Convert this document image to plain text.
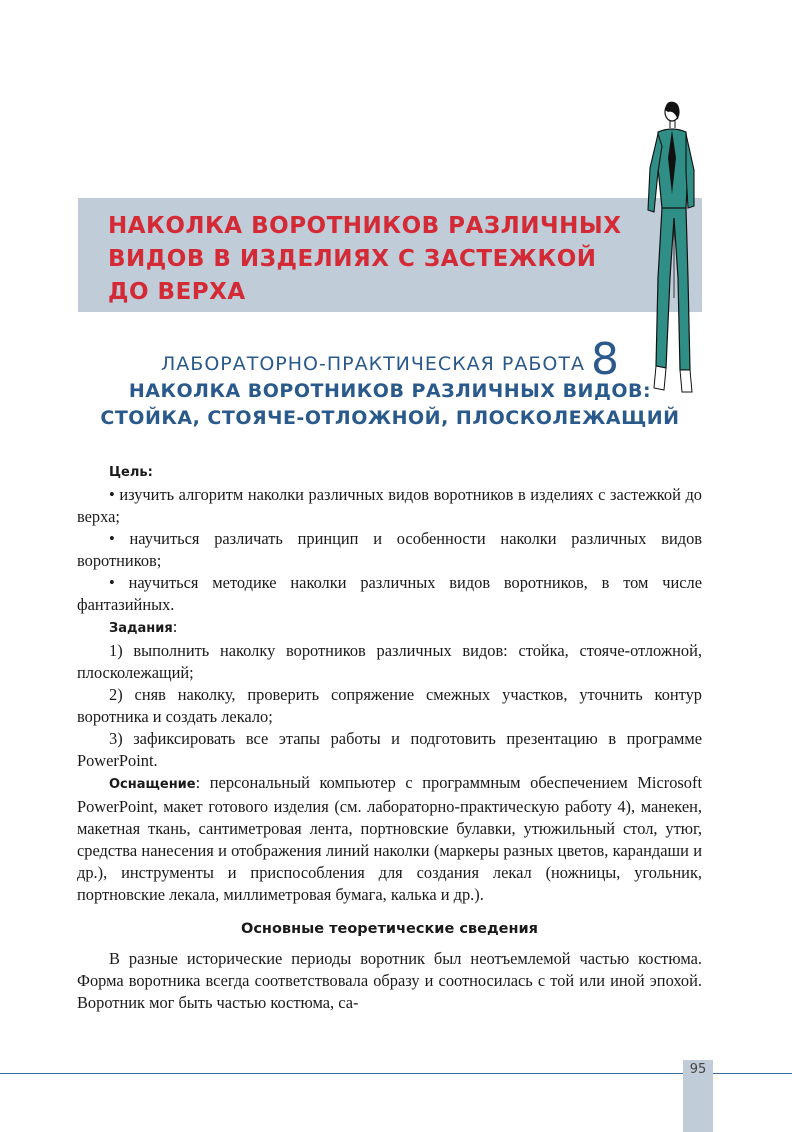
НАКОЛКА ВОРОТНИКОВ РАЗЛИЧНЫХ
ВИДОВ В ИЗДЕЛИЯХ С ЗАСТЕЖКОЙ
ДО ВЕРХА
ЛАБОРАТОРНО-ПРАКТИЧЕСКАЯ РАБОТА 8
НАКОЛКА ВОРОТНИКОВ РАЗЛИЧНЫХ ВИДОВ:
СТОЙКА, СТОЯЧЕ-ОТЛОЖНОЙ, ПЛОСКОЛЕЖАЩИЙ

Цель:

• изучить алгоритм наколки различных видов воротников в изделиях с застежкой до верха;

• научиться различать принцип и особенности наколки различных видов воротников;

• научиться методике наколки различных видов воротников, в том числе фантазийных.

Задания:

1) выполнить наколку воротников различных видов: стойка, стояче-отложной, плосколежащий;

2) сняв наколку, проверить сопряжение смежных участков, уточнить контур воротника и создать лекало;

3) зафиксировать все этапы работы и подготовить презентацию в программе PowerPoint.

Оснащение: персональный компьютер с программным обеспечением Microsoft PowerPoint, макет готового изделия (см. лабораторно-практическую работу 4), манекен, макетная ткань, сантиметровая лента, портновские булавки, утюжильный стол, утюг, средства нанесения и отображения линий наколки (маркеры разных цветов, карандаши и др.), инструменты и приспособления для создания лекал (ножницы, угольник, портновские лекала, миллиметровая бумага, калька и др.).

Основные теоретические сведения

В разные исторические периоды воротник был неотъемлемой частью костюма. Форма воротника всегда соответствовала образу и соотносилась с той или иной эпохой. Воротник мог быть частью костюма, са-

95
